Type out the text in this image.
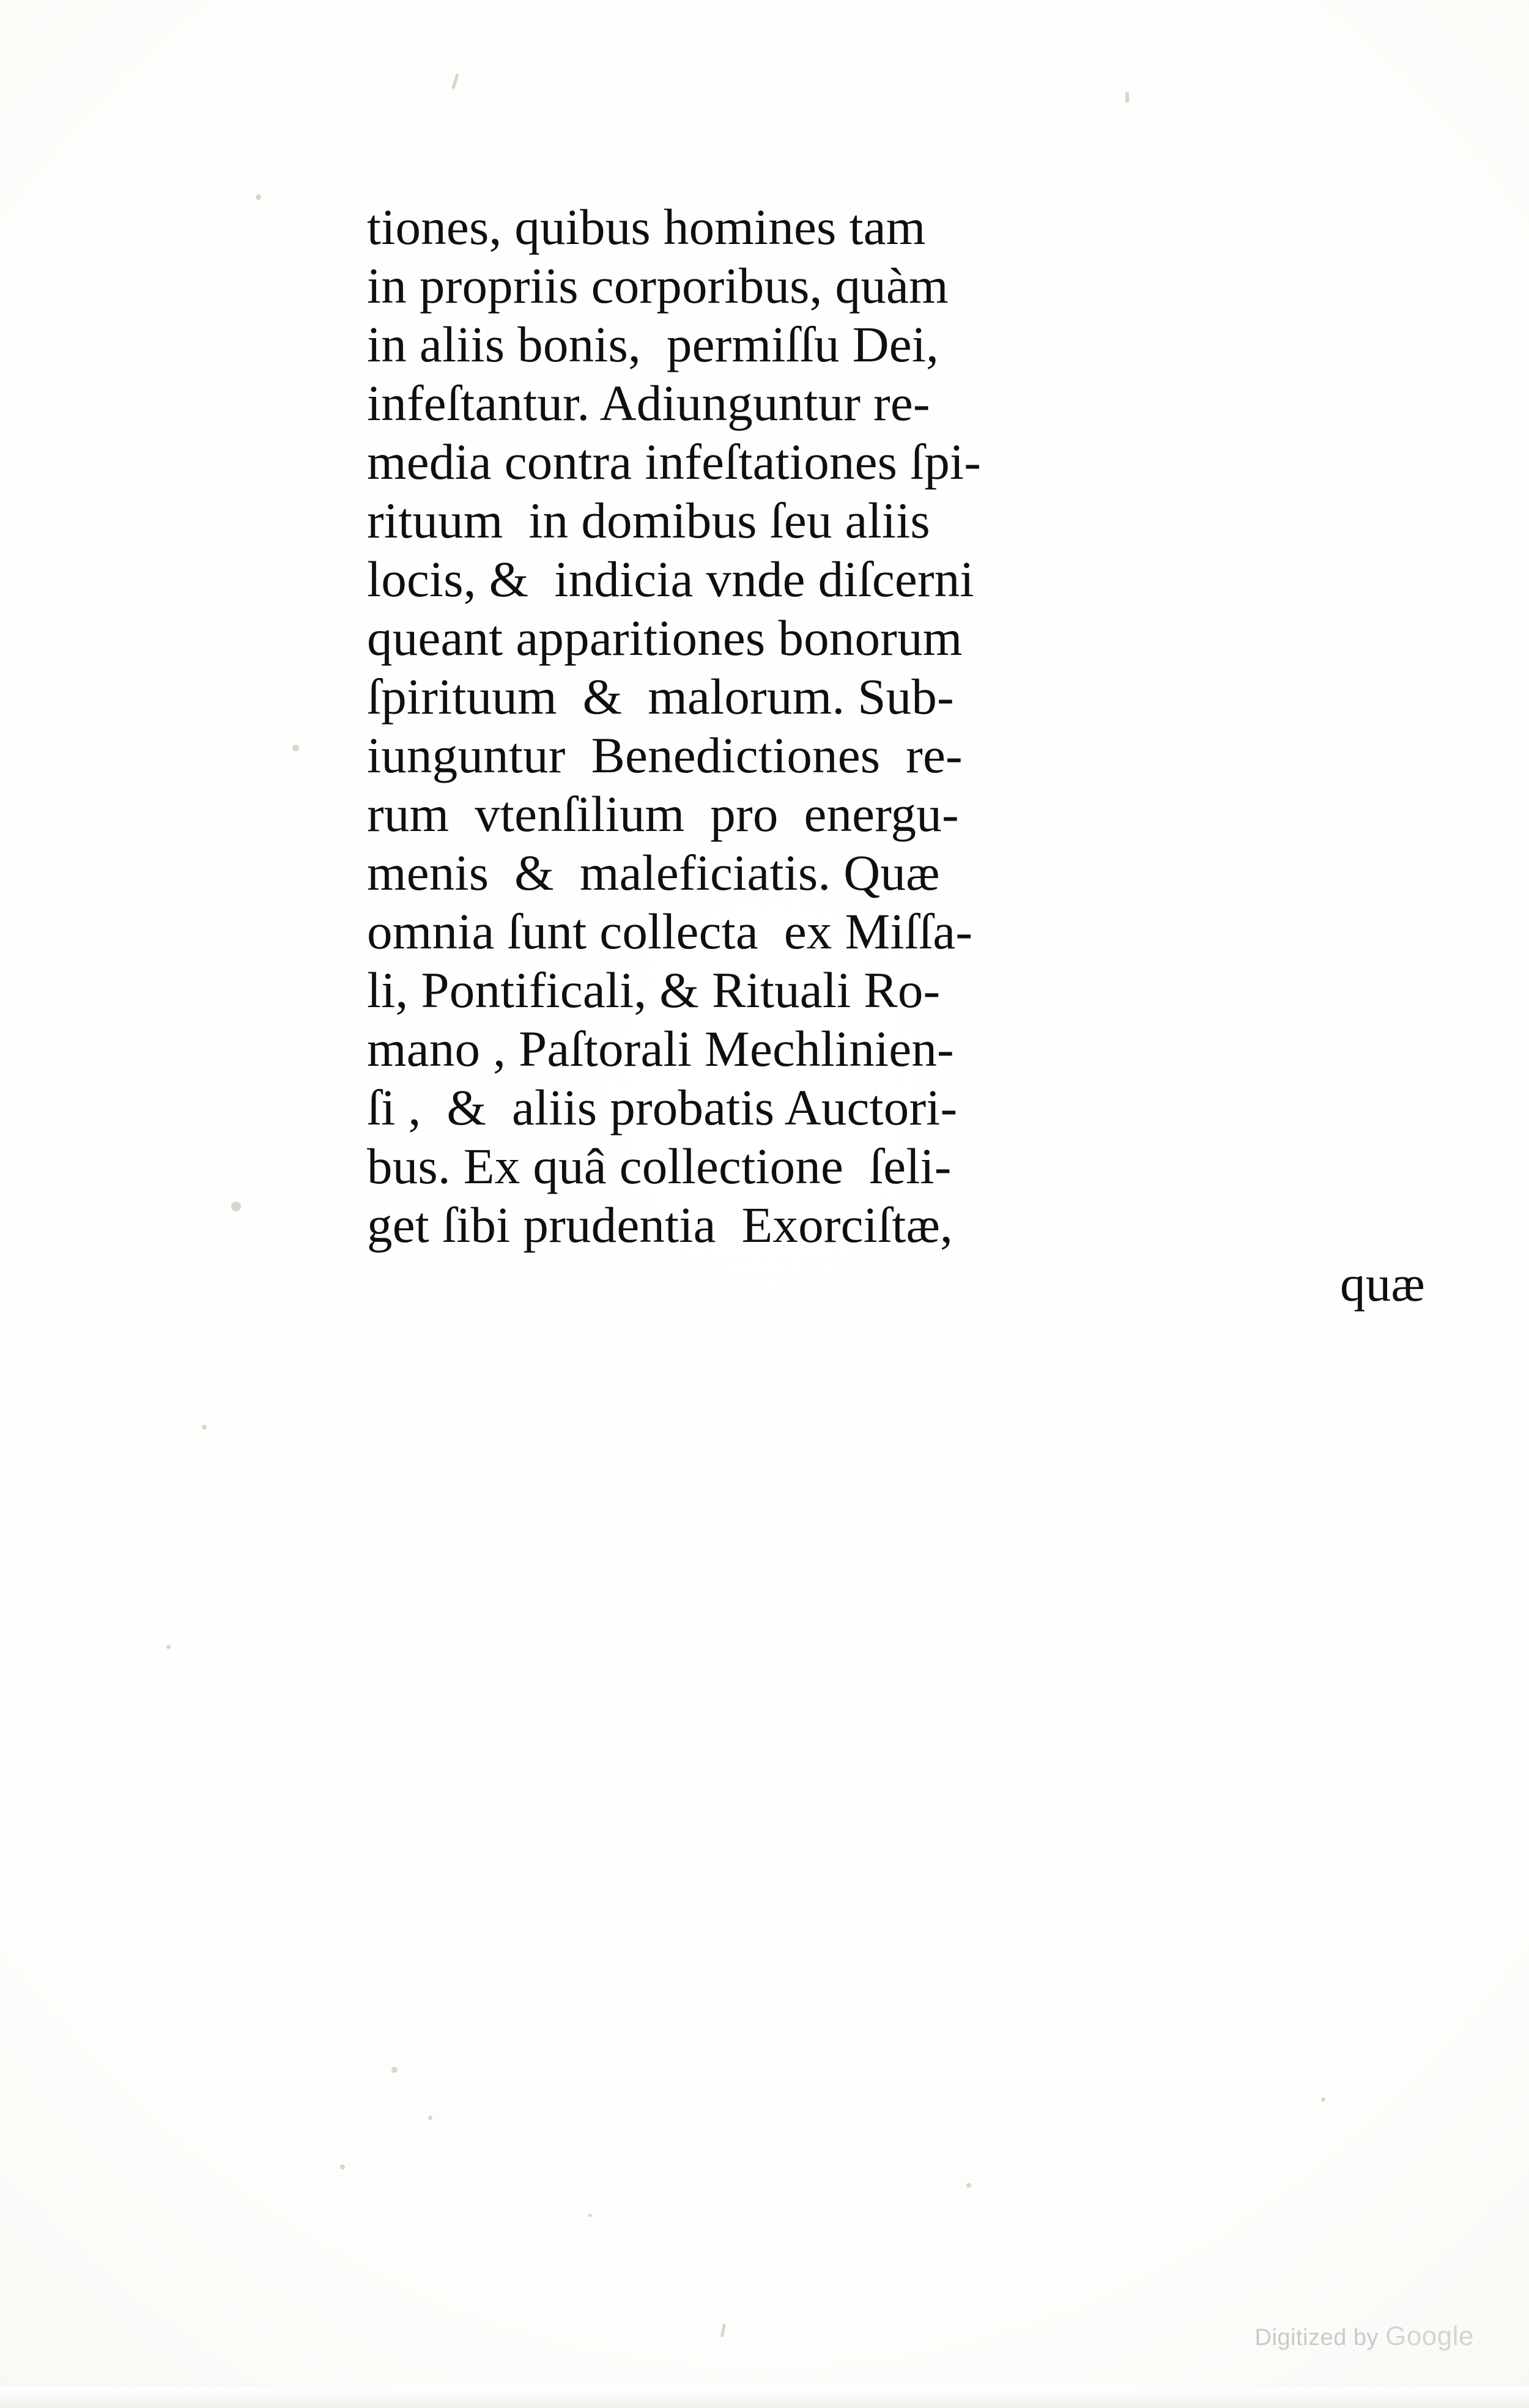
tiones, quibus homines tam
in propriis corporibus, quàm
in aliis bonis,  permiſſu Dei,
infeſtantur. Adiunguntur re-
media contra infeſtationes ſpi-
rituum  in domibus ſeu aliis
locis, &  indicia vnde diſcerni
queant apparitiones bonorum
ſpirituum  &  malorum. Sub-
iunguntur  Benedictiones  re-
rum  vtenſilium  pro  energu-
menis  &  maleficiatis. Quæ
omnia ſunt collecta  ex Miſſa-
li, Pontificali, & Rituali Ro-
mano , Paſtorali Mechlinien-
ſi ,  &  aliis probatis Auctori-
bus. Ex quâ collectione  ſeli-
get ſibi prudentia  Exorciſtæ,
quæ
Digitized by Google
